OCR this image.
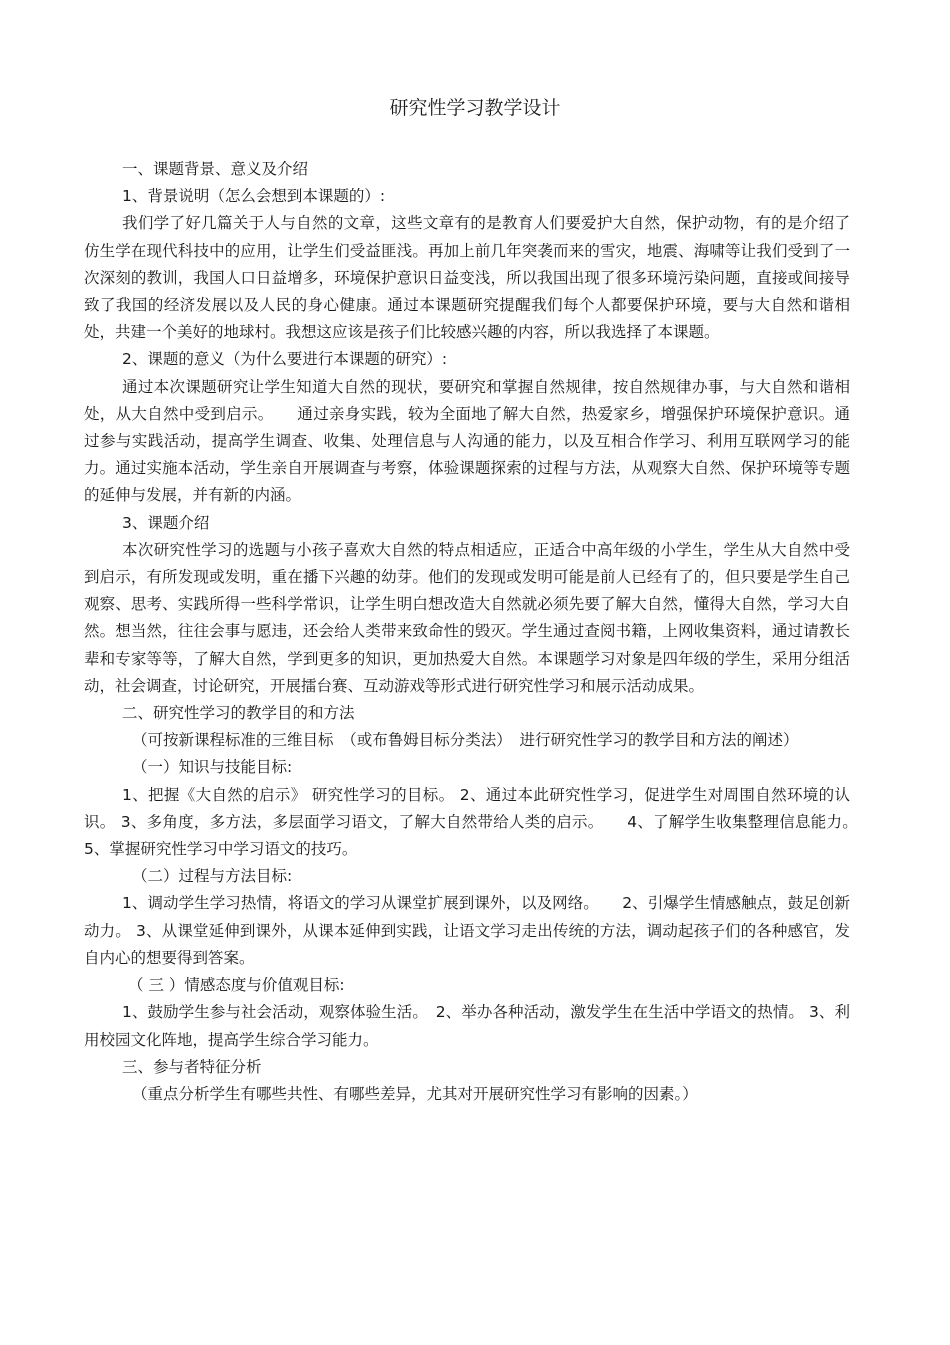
研究性学习教学设计

一、课题背景、意义及介绍

1、背景说明（怎么会想到本课题的）:

我们学了好几篇关于人与自然的文章，这些文章有的是教育人们要爱护大自然，保护动物，有的是介绍了仿生学在现代科技中的应用，让学生们受益匪浅。再加上前几年突袭而来的雪灾，地震、海啸等让我们受到了一次深刻的教训，我国人口日益增多，环境保护意识日益变浅，所以我国出现了很多环境污染问题，直接或间接导致了我国的经济发展以及人民的身心健康。通过本课题研究提醒我们每个人都要保护环境，要与大自然和谐相处，共建一个美好的地球村。我想这应该是孩子们比较感兴趣的内容，所以我选择了本课题。

2、课题的意义（为什么要进行本课题的研究）:

通过本次课题研究让学生知道大自然的现状，要研究和掌握自然规律，按自然规律办事，与大自然和谐相处，从大自然中受到启示。　　通过亲身实践，较为全面地了解大自然，热爱家乡，增强保护环境保护意识。通过参与实践活动，提高学生调查、收集、处理信息与人沟通的能力，以及互相合作学习、利用互联网学习的能力。通过实施本活动，学生亲自开展调查与考察，体验课题探索的过程与方法，从观察大自然、保护环境等专题的延伸与发展，并有新的内涵。

3、课题介绍

本次研究性学习的选题与小孩子喜欢大自然的特点相适应，正适合中高年级的小学生，学生从大自然中受到启示，有所发现或发明，重在播下兴趣的幼芽。他们的发现或发明可能是前人已经有了的，但只要是学生自己观察、思考、实践所得一些科学常识，让学生明白想改造大自然就必须先要了解大自然，懂得大自然，学习大自然。想当然，往往会事与愿违，还会给人类带来致命性的毁灭。学生通过查阅书籍，上网收集资料，通过请教长辈和专家等等，了解大自然，学到更多的知识，更加热爱大自然。本课题学习对象是四年级的学生，采用分组活动，社会调查，讨论研究，开展擂台赛、互动游戏等形式进行研究性学习和展示活动成果。

二、研究性学习的教学目的和方法

（可按新课程标准的三维目标　（或布鲁姆目标分类法）　进行研究性学习的教学目和方法的阐述）

（一）知识与技能目标:

1、把握《大自然的启示》 研究性学习的目标。 2、通过本此研究性学习，促进学生对周围自然环境的认识。 3、多角度，多方法，多层面学习语文，了解大自然带给人类的启示。　　4、了解学生收集整理信息能力。　5、掌握研究性学习中学习语文的技巧。

（二）过程与方法目标:

1、调动学生学习热情，将语文的学习从课堂扩展到课外，以及网络。　　2、引爆学生情感触点，鼓足创新动力。 3、从课堂延伸到课外，从课本延伸到实践，让语文学习走出传统的方法，调动起孩子们的各种感官，发自内心的想要得到答案。

（ 三 ）情感态度与价值观目标:

1、鼓励学生参与社会活动，观察体验生活。　2、举办各种活动，激发学生在生活中学语文的热情。 3、利用校园文化阵地，提高学生综合学习能力。

三、参与者特征分析

（重点分析学生有哪些共性、有哪些差异，尤其对开展研究性学习有影响的因素。）
